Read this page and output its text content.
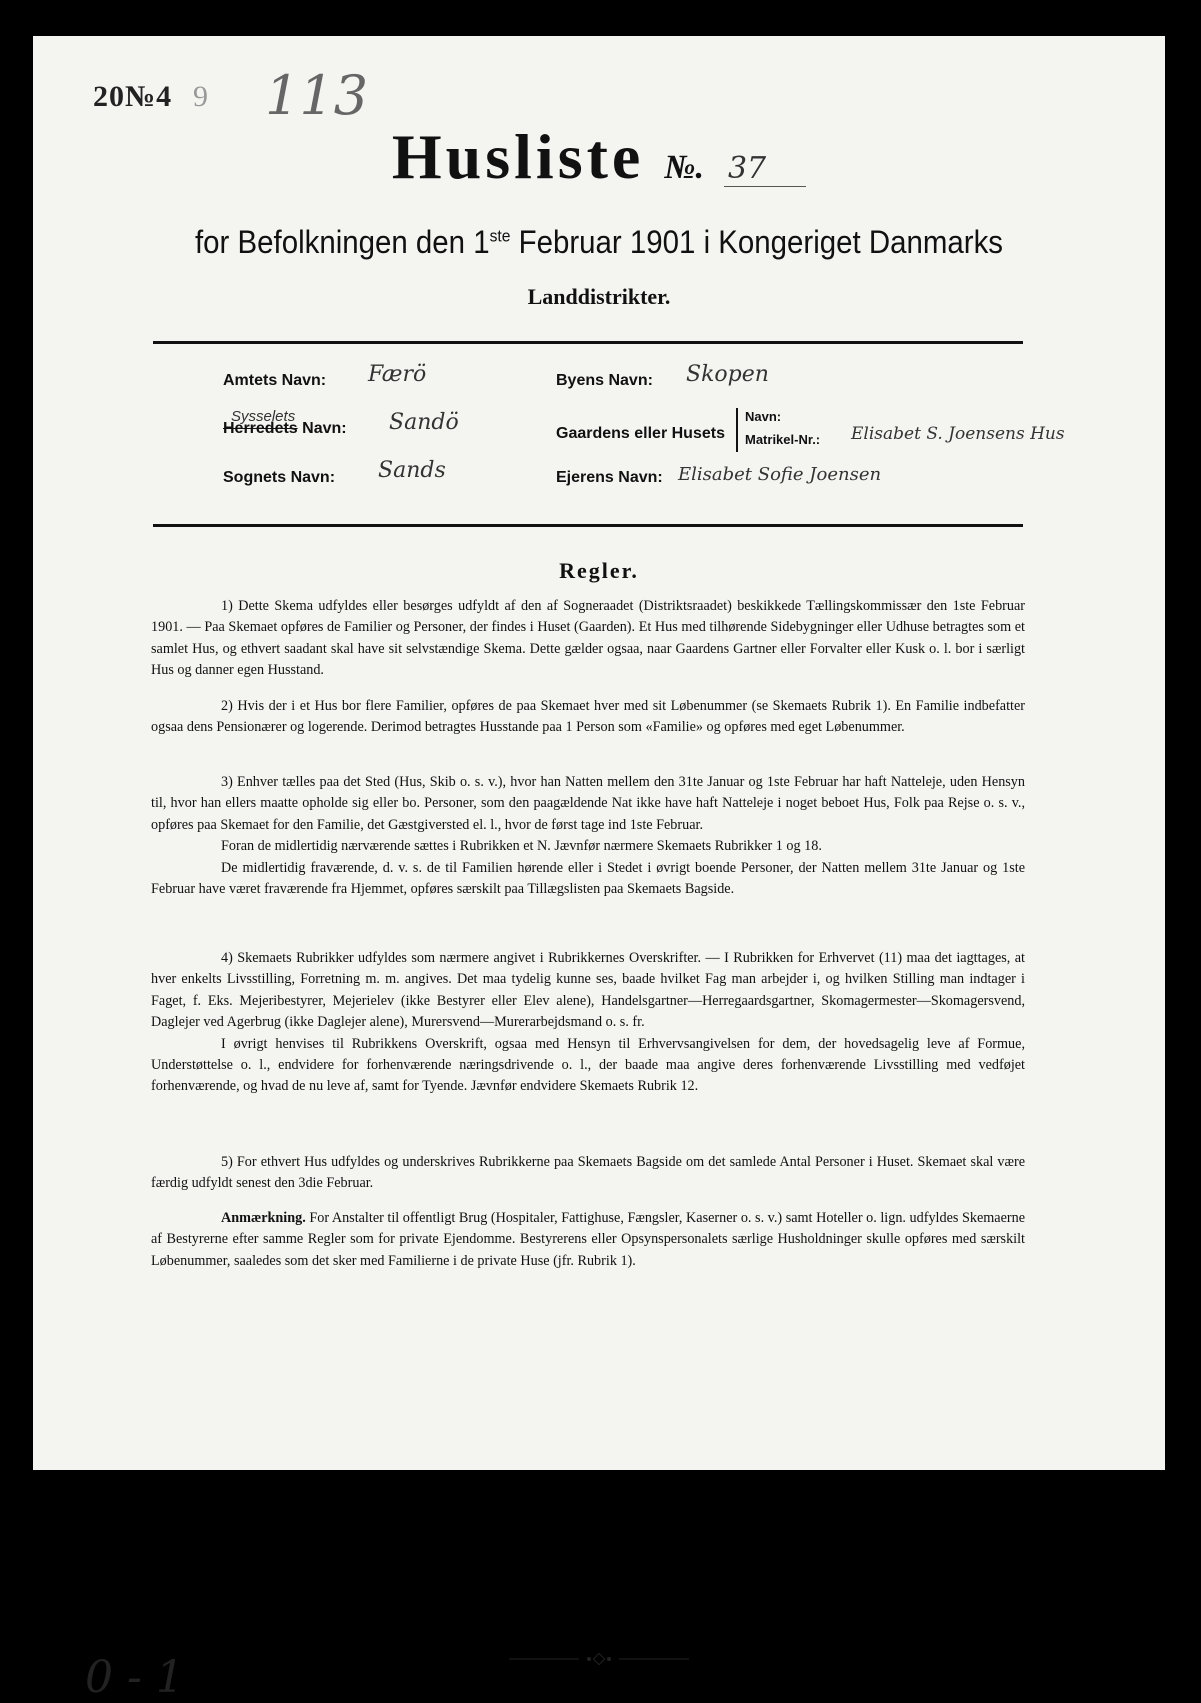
20№4 9 113
Husliste №. 37
for Befolkningen den 1ste Februar 1901 i Kongeriget Danmarks
Landdistrikter.
Amtets Navn: Færö
Sysselets
Herredets Navn: Sandö
Sognets Navn: Sands
Byens Navn: Skopen
Gaardens eller Husets
Navn:
Matrikel-Nr.: Elisabet S. Joensens Hus
Ejerens Navn: Elisabet Sofie Joensen
Regler.

1) Dette Skema udfyldes eller besørges udfyldt af den af Sogneraadet (Distriktsraadet) beskikkede Tællingskommissær den 1ste Februar 1901. — Paa Skemaet opføres de Familier og Personer, der findes i Huset (Gaarden). Et Hus med tilhørende Sidebygninger eller Udhuse betragtes som et samlet Hus, og ethvert saadant skal have sit selvstændige Skema. Dette gælder ogsaa, naar Gaardens Gartner eller Forvalter eller Kusk o. l. bor i særligt Hus og danner egen Husstand.

2) Hvis der i et Hus bor flere Familier, opføres de paa Skemaet hver med sit Løbenummer (se Skemaets Rubrik 1). En Familie indbefatter ogsaa dens Pensionærer og logerende. Derimod betragtes Husstande paa 1 Person som «Familie» og opføres med eget Løbenummer.

3) Enhver tælles paa det Sted (Hus, Skib o. s. v.), hvor han Natten mellem den 31te Januar og 1ste Februar har haft Natteleje, uden Hensyn til, hvor han ellers maatte opholde sig eller bo. Personer, som den paagældende Nat ikke have haft Natteleje i noget beboet Hus, Folk paa Rejse o. s. v., opføres paa Skemaet for den Familie, det Gæstgiversted el. l., hvor de først tage ind 1ste Februar.

Foran de midlertidig nærværende sættes i Rubrikken et N. Jævnfør nærmere Skemaets Rubrikker 1 og 18.

De midlertidig fraværende, d. v. s. de til Familien hørende eller i Stedet i øvrigt boende Personer, der Natten mellem 31te Januar og 1ste Februar have været fraværende fra Hjemmet, opføres særskilt paa Tillægslisten paa Skemaets Bagside.

4) Skemaets Rubrikker udfyldes som nærmere angivet i Rubrikkernes Overskrifter. — I Rubrikken for Erhvervet (11) maa det iagttages, at hver enkelts Livsstilling, Forretning m. m. angives. Det maa tydelig kunne ses, baade hvilket Fag man arbejder i, og hvilken Stilling man indtager i Faget, f. Eks. Mejeribestyrer, Mejerielev (ikke Bestyrer eller Elev alene), Handelsgartner—Herregaardsgartner, Skomagermester—Skomagersvend, Daglejer ved Agerbrug (ikke Daglejer alene), Murersvend—Murerarbejdsmand o. s. fr.

I øvrigt henvises til Rubrikkens Overskrift, ogsaa med Hensyn til Erhvervsangivelsen for dem, der hovedsagelig leve af Formue, Understøttelse o. l., endvidere for forhenværende næringsdrivende o. l., der baade maa angive deres forhenværende Livsstilling med vedføjet forhenværende, og hvad de nu leve af, samt for Tyende. Jævnfør endvidere Skemaets Rubrik 12.

5) For ethvert Hus udfyldes og underskrives Rubrikkerne paa Skemaets Bagside om det samlede Antal Personer i Huset. Skemaet skal være færdig udfyldt senest den 3die Februar.

Anmærkning. For Anstalter til offentligt Brug (Hospitaler, Fattighuse, Fængsler, Kaserner o. s. v.) samt Hoteller o. lign. udfyldes Skemaerne af Bestyrerne efter samme Regler som for private Ejendomme. Bestyrerens eller Opsynspersonalets særlige Husholdninger skulle opføres med særskilt Løbenummer, saaledes som det sker med Familierne i de private Huse (jfr. Rubrik 1).

0 - 1
